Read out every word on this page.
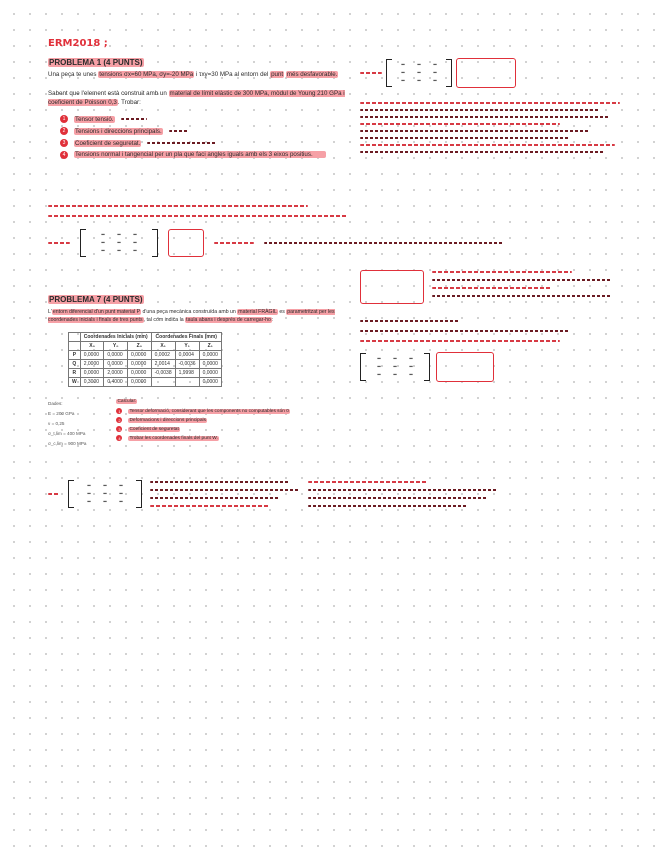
ERM2018 ;
PROBLEMA 1 (4 PUNTS)
Una peça te unes tensions σx=60 MPa, σy=-20 MPa i τxy=30 MPa al entorn del punt més desfavorable.
Sabent que l'element està construit amb un material de límit elàstic de 300 MPa, mòdul de Young 210 GPa i coeficient de Poisson 0,3. Trobar:
1	Tensor tensió.
2	Tensions i direccions principals.
3	Coeficient de seguretat.
4	Tensions normal i tangencial per un pla que faci angles iguals amb els 3 eixos positius.
▪▪	▪▪	▪▪
▪▪	▪▪	▪▪
▪▪	▪▪	▪▪
▪▪	▪▪	▪▪
▪▪	▪▪	▪▪
▪▪	▪▪	▪▪
PROBLEMA 7 (4 PUNTS)
L'entorn diferencial d'un punt material P d'una peça mecànica construïda amb un material FRÀGIL es parametritzat per les coordenades inicials i finals de tres punts, tal com indica la taula abans i després de carregar-ho:
	Coordenades Inicials (mm)			Coordenades Finals (mm)		
	X₀	Y₀	Z₀	X₁	Y₁	Z₁
P	0,0000	0,0000	0,0000	0,0002	0,0004	0,0000
Q	2,0000	0,0000	0,0000	2,0014	-0,0036	0,0000
R	0,0000	2,0000	0,0000	-0,0038	1,9998	0,0000
W	0,3000	0,4000	0,0000			0,0000
Dades:
E = 200 GPa
ν = 0,25
σ_t,lim = 400 MPa
σ_c,lim = 900 MPa
Calcular:
1	Tensor deformació, considerant que les components no computables són 0
2	Deformacions i direccions principals
3	Coeficient de seguretat
4	Trobar les coordenades finals del punt W.
▪▪	▪▪	▪▪
▪▪	▪▪	▪▪
▪▪	▪▪	▪▪
▪▪	▪▪	▪▪
▪▪	▪▪	▪▪
▪▪	▪▪	▪▪
